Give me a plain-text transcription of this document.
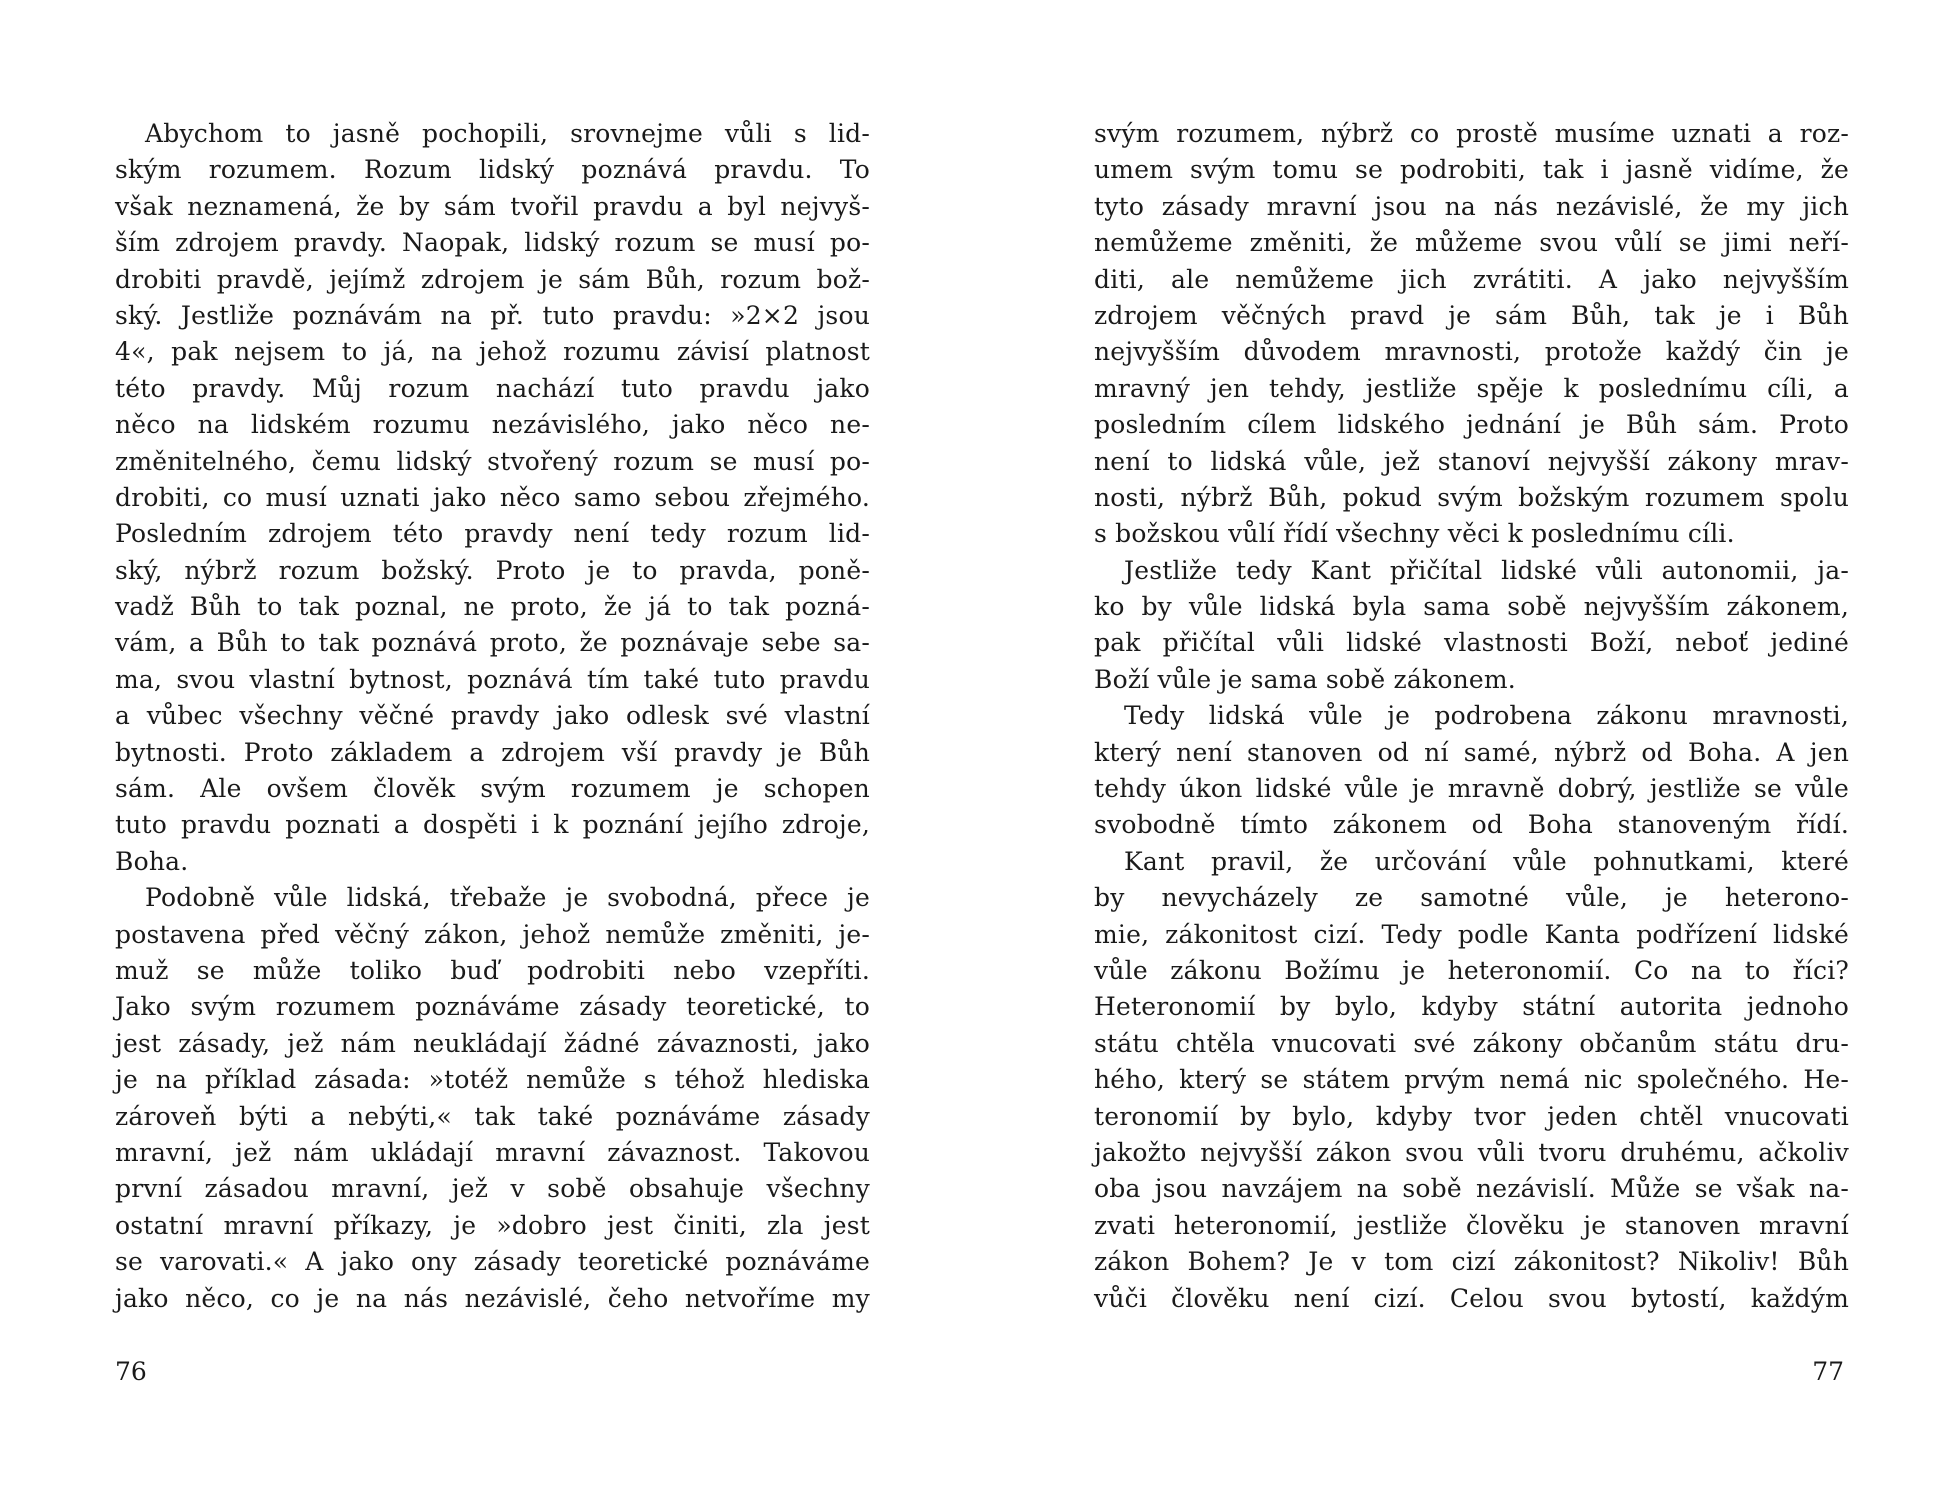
Abychom to jasně pochopili, srovnejme vůli s lid-
ským rozumem. Rozum lidský poznává pravdu. To
však neznamená, že by sám tvořil pravdu a byl nejvyš-
ším zdrojem pravdy. Naopak, lidský rozum se musí po-
drobiti pravdě, jejímž zdrojem je sám Bůh, rozum bož-
ský. Jestliže poznávám na př. tuto pravdu: »2×2 jsou
4«, pak nejsem to já, na jehož rozumu závisí platnost
této pravdy. Můj rozum nachází tuto pravdu jako
něco na lidském rozumu nezávislého, jako něco ne-
změnitelného, čemu lidský stvořený rozum se musí po-
drobiti, co musí uznati jako něco samo sebou zřejmého.
Posledním zdrojem této pravdy není tedy rozum lid-
ský, nýbrž rozum božský. Proto je to pravda, poně-
vadž Bůh to tak poznal, ne proto, že já to tak pozná-
vám, a Bůh to tak poznává proto, že poznávaje sebe sa-
ma, svou vlastní bytnost, poznává tím také tuto pravdu
a vůbec všechny věčné pravdy jako odlesk své vlastní
bytnosti. Proto základem a zdrojem vší pravdy je Bůh
sám. Ale ovšem člověk svým rozumem je schopen
tuto pravdu poznati a dospěti i k poznání jejího zdroje,
Boha.
Podobně vůle lidská, třebaže je svobodná, přece je
postavena před věčný zákon, jehož nemůže změniti, je-
muž se může toliko buď podrobiti nebo vzepříti.
Jako svým rozumem poznáváme zásady teoretické, to
jest zásady, jež nám neukládají žádné závaznosti, jako
je na příklad zásada: »totéž nemůže s téhož hlediska
zároveň býti a nebýti,« tak také poznáváme zásady
mravní, jež nám ukládají mravní závaznost. Takovou
první zásadou mravní, jež v sobě obsahuje všechny
ostatní mravní příkazy, je »dobro jest činiti, zla jest
se varovati.« A jako ony zásady teoretické poznáváme
jako něco, co je na nás nezávislé, čeho netvoříme my
76
svým rozumem, nýbrž co prostě musíme uznati a roz-
umem svým tomu se podrobiti, tak i jasně vidíme, že
tyto zásady mravní jsou na nás nezávislé, že my jich
nemůžeme změniti, že můžeme svou vůlí se jimi neří-
diti, ale nemůžeme jich zvrátiti. A jako nejvyšším
zdrojem věčných pravd je sám Bůh, tak je i Bůh
nejvyšším důvodem mravnosti, protože každý čin je
mravný jen tehdy, jestliže spěje k poslednímu cíli, a
posledním cílem lidského jednání je Bůh sám. Proto
není to lidská vůle, jež stanoví nejvyšší zákony mrav-
nosti, nýbrž Bůh, pokud svým božským rozumem spolu
s božskou vůlí řídí všechny věci k poslednímu cíli.
Jestliže tedy Kant přičítal lidské vůli autonomii, ja-
ko by vůle lidská byla sama sobě nejvyšším zákonem,
pak přičítal vůli lidské vlastnosti Boží, neboť jediné
Boží vůle je sama sobě zákonem.
Tedy lidská vůle je podrobena zákonu mravnosti,
který není stanoven od ní samé, nýbrž od Boha. A jen
tehdy úkon lidské vůle je mravně dobrý, jestliže se vůle
svobodně tímto zákonem od Boha stanoveným řídí.
Kant pravil, že určování vůle pohnutkami, které
by nevycházely ze samotné vůle, je heterono-
mie, zákonitost cizí. Tedy podle Kanta podřízení lidské
vůle zákonu Božímu je heteronomií. Co na to říci?
Heteronomií by bylo, kdyby státní autorita jednoho
státu chtěla vnucovati své zákony občanům státu dru-
hého, který se státem prvým nemá nic společného. He-
teronomií by bylo, kdyby tvor jeden chtěl vnucovati
jakožto nejvyšší zákon svou vůli tvoru druhému, ačkoliv
oba jsou navzájem na sobě nezávislí. Může se však na-
zvati heteronomií, jestliže člověku je stanoven mravní
zákon Bohem? Je v tom cizí zákonitost? Nikoliv! Bůh
vůči člověku není cizí. Celou svou bytostí, každým
77
